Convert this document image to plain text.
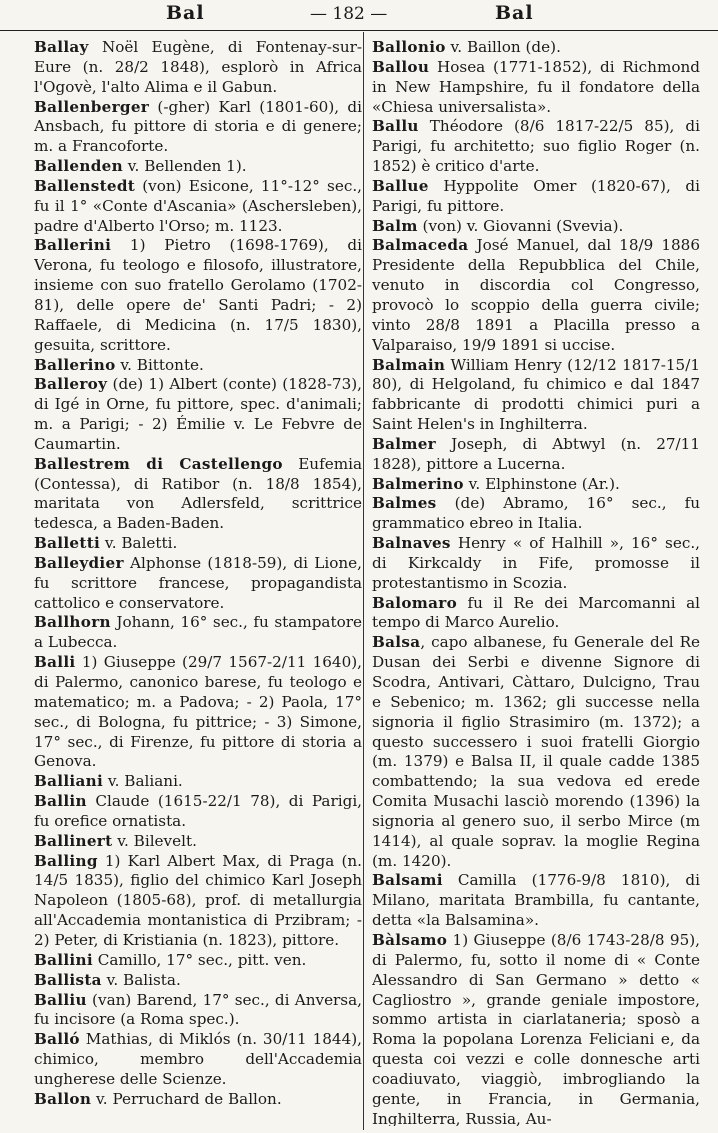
Bal	— 182 —	Bal

Ballay Noël Eugène, di Fontenay-sur-Eure (n. 28/2 1848), esplorò in Africa l'Ogovè, l'alto Alima e il Gabun.

Ballenberger (-gher) Karl (1801-60), di Ansbach, fu pittore di storia e di genere; m. a Francoforte.

Ballenden v. Bellenden 1).

Ballenstedt (von) Esicone, 11°-12° sec., fu il 1° «Conte d'Ascania» (Aschersleben), padre d'Alberto l'Orso; m. 1123.

Ballerini 1) Pietro (1698-1769), di Verona, fu teologo e filosofo, illustratore, insieme con suo fratello Gerolamo (1702-81), delle opere de' Santi Padri; - 2) Raffaele, di Medicina (n. 17/5 1830), gesuita, scrittore.

Ballerino v. Bittonte.

Balleroy (de) 1) Albert (conte) (1828-73), di Igé in Orne, fu pittore, spec. d'animali; m. a Parigi; - 2) Émilie v. Le Febvre de Caumartin.

Ballestrem di Castellengo Eufemia (Contessa), di Ratibor (n. 18/8 1854), maritata von Adlersfeld, scrittrice tedesca, a Baden-Baden.

Balletti v. Baletti.

Balleydier Alphonse (1818-59), di Lione, fu scrittore francese, propagandista cattolico e conservatore.

Ballhorn Johann, 16° sec., fu stampatore a Lubecca.

Balli 1) Giuseppe (29/7 1567-2/11 1640), di Palermo, canonico barese, fu teologo e matematico; m. a Padova; - 2) Paola, 17° sec., di Bologna, fu pittrice; - 3) Simone, 17° sec., di Firenze, fu pittore di storia a Genova.

Balliani v. Baliani.

Ballin Claude (1615-22/1 78), di Parigi, fu orefice ornatista.

Ballinert v. Bilevelt.

Balling 1) Karl Albert Max, di Praga (n. 14/5 1835), figlio del chimico Karl Joseph Napoleon (1805-68), prof. di metallurgia all'Accademia montanistica di Przibram; - 2) Peter, di Kristiania (n. 1823), pittore.

Ballini Camillo, 17° sec., pitt. ven.

Ballista v. Balista.

Balliu (van) Barend, 17° sec., di Anversa, fu incisore (a Roma spec.).

Balló Mathias, di Miklós (n. 30/11 1844), chimico, membro dell'Accademia ungherese delle Scienze.

Ballon v. Perruchard de Ballon.

Ballonio v. Baillon (de).

Ballou Hosea (1771-1852), di Richmond in New Hampshire, fu il fondatore della «Chiesa universalista».

Ballu Théodore (8/6 1817-22/5 85), di Parigi, fu architetto; suo figlio Roger (n. 1852) è critico d'arte.

Ballue Hyppolite Omer (1820-67), di Parigi, fu pittore.

Balm (von) v. Giovanni (Svevia).

Balmaceda José Manuel, dal 18/9 1886 Presidente della Repubblica del Chile, venuto in discordia col Congresso, provocò lo scoppio della guerra civile; vinto 28/8 1891 a Placilla presso a Valparaiso, 19/9 1891 si uccise.

Balmain William Henry (12/12 1817-15/1 80), di Helgoland, fu chimico e dal 1847 fabbricante di prodotti chimici puri a Saint Helen's in Inghilterra.

Balmer Joseph, di Abtwyl (n. 27/11 1828), pittore a Lucerna.

Balmerino v. Elphinstone (Ar.).

Balmes (de) Abramo, 16° sec., fu grammatico ebreo in Italia.

Balnaves Henry « of Halhill », 16° sec., di Kirkcaldy in Fife, promosse il protestantismo in Scozia.

Balomaro fu il Re dei Marcomanni al tempo di Marco Aurelio.

Balsa, capo albanese, fu Generale del Re Dusan dei Serbi e divenne Signore di Scodra, Antivari, Càttaro, Dulcigno, Trau e Sebenico; m. 1362; gli successe nella signoria il figlio Strasimiro (m. 1372); a questo successero i suoi fratelli Giorgio (m. 1379) e Balsa II, il quale cadde 1385 combattendo; la sua vedova ed erede Comita Musachi lasciò morendo (1396) la signoria al genero suo, il serbo Mirce (m 1414), al quale soprav. la moglie Regina (m. 1420).

Balsami Camilla (1776-9/8 1810), di Milano, maritata Brambilla, fu cantante, detta «la Balsamina».

Bàlsamo 1) Giuseppe (8/6 1743-28/8 95), di Palermo, fu, sotto il nome di « Conte Alessandro di San Germano » detto « Cagliostro », grande geniale impostore, sommo artista in ciarlataneria; sposò a Roma la popolana Lorenza Feliciani e, da questa coi vezzi e colle donnesche arti coadiuvato, viaggiò, imbrogliando la gente, in Francia, in Germania, Inghilterra, Russia, Au-
